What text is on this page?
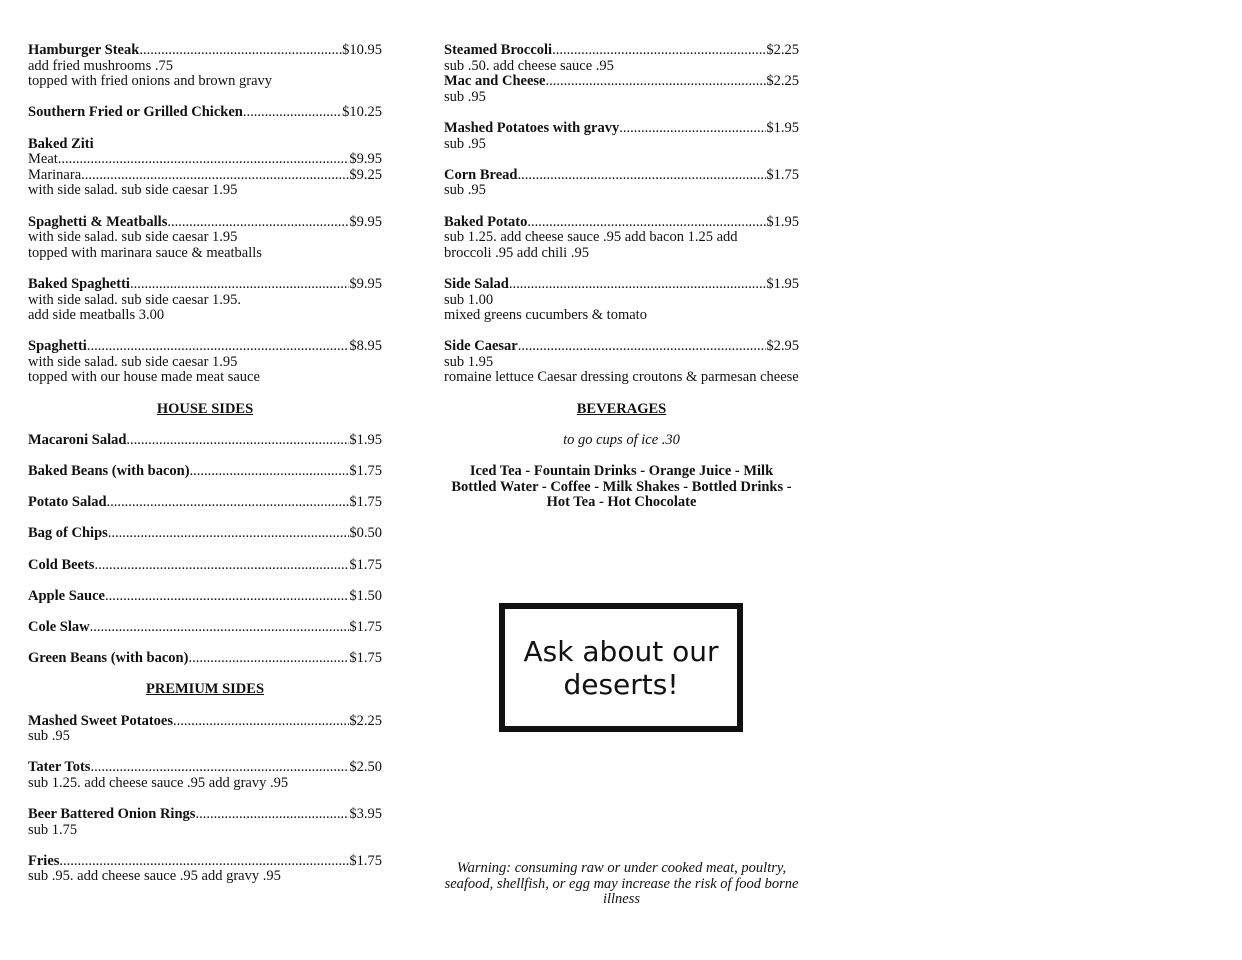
Hamburger Steak .....	$10.95
add fried mushrooms .75
topped with fried onions and brown gravy
Southern Fried or Grilled Chicken .....	$10.25
Baked Ziti
Meat .....	$9.95
Marinara .....	$9.25
with side salad. sub side caesar 1.95
Spaghetti & Meatballs .....	$9.95
with side salad. sub side caesar 1.95
topped with marinara sauce & meatballs
Baked Spaghetti .....	$9.95
with side salad. sub side caesar 1.95.
add side meatballs 3.00
Spaghetti .....	$8.95
with side salad. sub side caesar 1.95
topped with our house made meat sauce
HOUSE SIDES
Macaroni Salad .....	$1.95
Baked Beans (with bacon) .....	$1.75
Potato Salad .....	$1.75
Bag of Chips .....	$0.50
Cold Beets .....	$1.75
Apple Sauce .....	$1.50
Cole Slaw .....	$1.75
Green Beans (with bacon) .....	$1.75
PREMIUM SIDES
Mashed Sweet Potatoes .....	$2.25
sub .95
Tater Tots .....	$2.50
sub 1.25. add cheese sauce .95 add gravy .95
Beer Battered Onion Rings .....	$3.95
sub 1.75
Fries .....	$1.75
sub .95. add cheese sauce .95 add gravy .95
Steamed Broccoli .....	$2.25
sub .50. add cheese sauce .95
Mac and Cheese .....	$2.25
sub .95
Mashed Potatoes with gravy .....	$1.95
sub .95
Corn Bread .....	$1.75
sub .95
Baked Potato .....	$1.95
sub 1.25. add cheese sauce .95 add bacon 1.25 add broccoli .95 add chili .95
Side Salad .....	$1.95
sub 1.00
mixed greens cucumbers & tomato
Side Caesar .....	$2.95
sub 1.95
romaine lettuce Caesar dressing croutons & parmesan cheese
BEVERAGES
to go cups of ice .30
Iced Tea - Fountain Drinks - Orange Juice - Milk Bottled Water - Coffee - Milk Shakes - Bottled Drinks - Hot Tea - Hot Chocolate
Ask about our deserts!
Warning: consuming raw or under cooked meat, poultry, seafood, shellfish, or egg may increase the risk of food borne illness
